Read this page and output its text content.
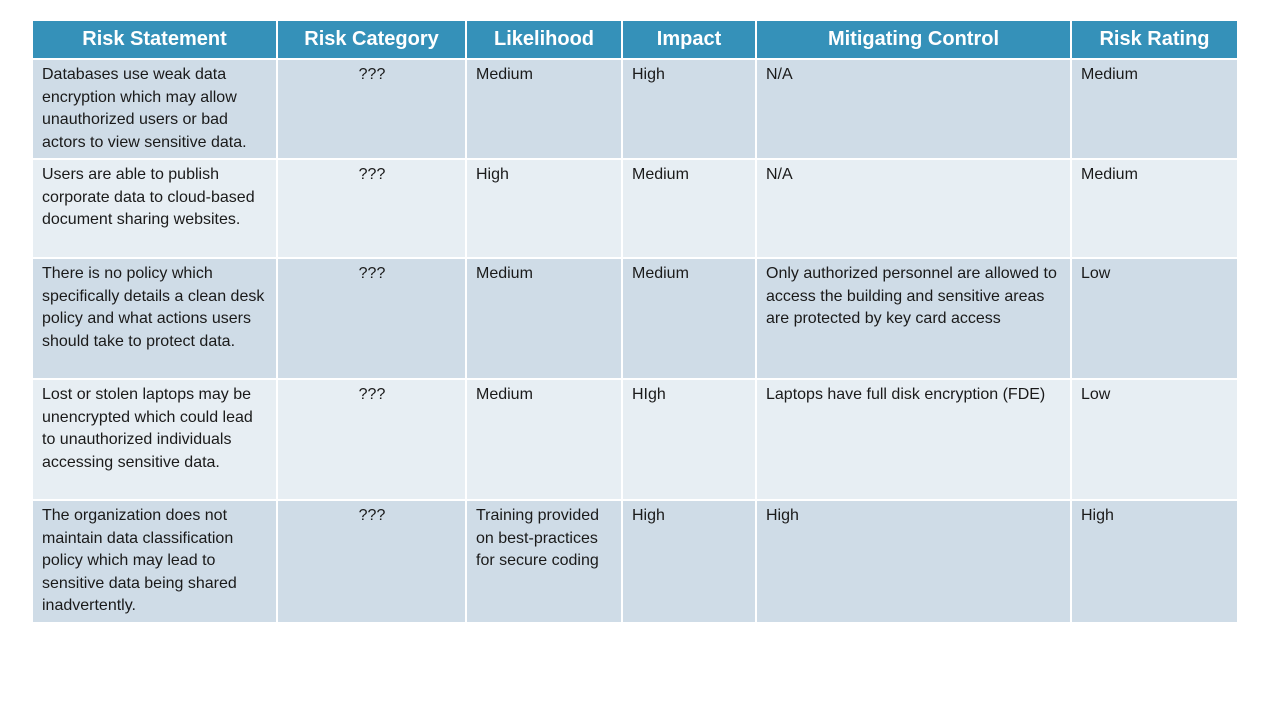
Risk Statement	Risk Category	Likelihood	Impact	Mitigating Control	Risk Rating
Databases use weak data encryption which may allow unauthorized users or bad actors to view sensitive data.	???	Medium	High	N/A	Medium
Users are able to publish corporate data to cloud-based document sharing websites.	???	High	Medium	N/A	Medium
There is no policy which specifically details a clean desk policy and what actions users should take to protect data.	???	Medium	Medium	Only authorized personnel are allowed to access the building and sensitive areas are protected by key card access	Low
Lost or stolen laptops may be unencrypted which could lead to unauthorized individuals accessing sensitive data.	???	Medium	HIgh	Laptops have full disk encryption (FDE)	Low
The organization does not maintain data classification policy which may lead to sensitive data being shared inadvertently.	???	Training provided on best-practices for secure coding	High	High	High
